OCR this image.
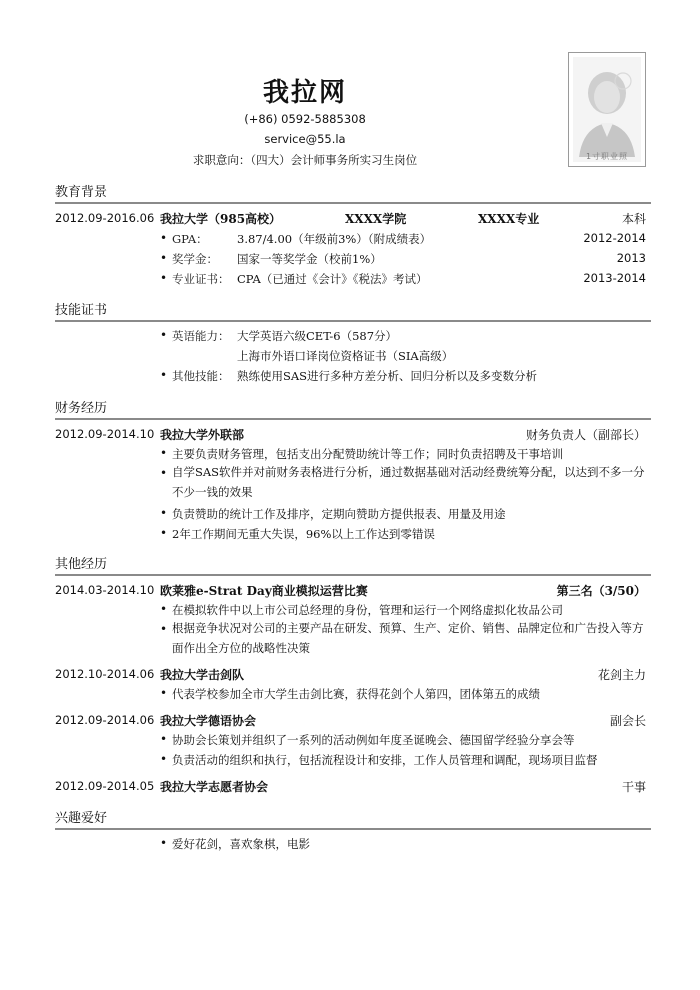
我拉网
(+86) 0592-5885308
service@55.la
求职意向：（四大）会计师事务所实习生岗位	1寸职业照
教育背景
2012.09-2016.06 我拉大学（985高校）	XXXX学院	XXXX专业	本科
• GPA：	3.87/4.00（年级前3%）（附成绩表）	2012-2014
• 奖学金： 国家一等奖学金（校前1%）	2013
• 专业证书： CPA（已通过《会计》《税法》考试）	2013-2014
技能证书
• 英语能力： 大学英语六级CET-6（587分）
上海市外语口译岗位资格证书（SIA高级）
• 其他技能： 熟练使用SAS进行多种方差分析、回归分析以及多变数分析
财务经历
2012.09-2014.10 我拉大学外联部	财务负责人（副部长）
• 主要负责财务管理，包括支出分配赞助统计等工作；同时负责招聘及干事培训
• 自学SAS软件并对前财务表格进行分析，通过数据基础对活动经费统筹分配，以达到不多一分不少一钱的效果
• 负责赞助的统计工作及排序，定期向赞助方提供报表、用量及用途
• 2年工作期间无重大失误，96%以上工作达到零错误
其他经历
2014.03-2014.10 欧莱雅e-Strat Day商业模拟运营比赛	第三名（3/50）
• 在模拟软件中以上市公司总经理的身份，管理和运行一个网络虚拟化妆品公司
• 根据竞争状况对公司的主要产品在研发、预算、生产、定价、销售、品牌定位和广告投入等方面作出全方位的战略性决策
2012.10-2014.06 我拉大学击剑队	花剑主力
• 代表学校参加全市大学生击剑比赛，获得花剑个人第四，团体第五的成绩
2012.09-2014.06 我拉大学德语协会	副会长
• 协助会长策划并组织了一系列的活动例如年度圣诞晚会、德国留学经验分享会等
• 负责活动的组织和执行，包括流程设计和安排，工作人员管理和调配，现场项目监督
2012.09-2014.05 我拉大学志愿者协会	干事
兴趣爱好
• 爱好花剑，喜欢象棋，电影
